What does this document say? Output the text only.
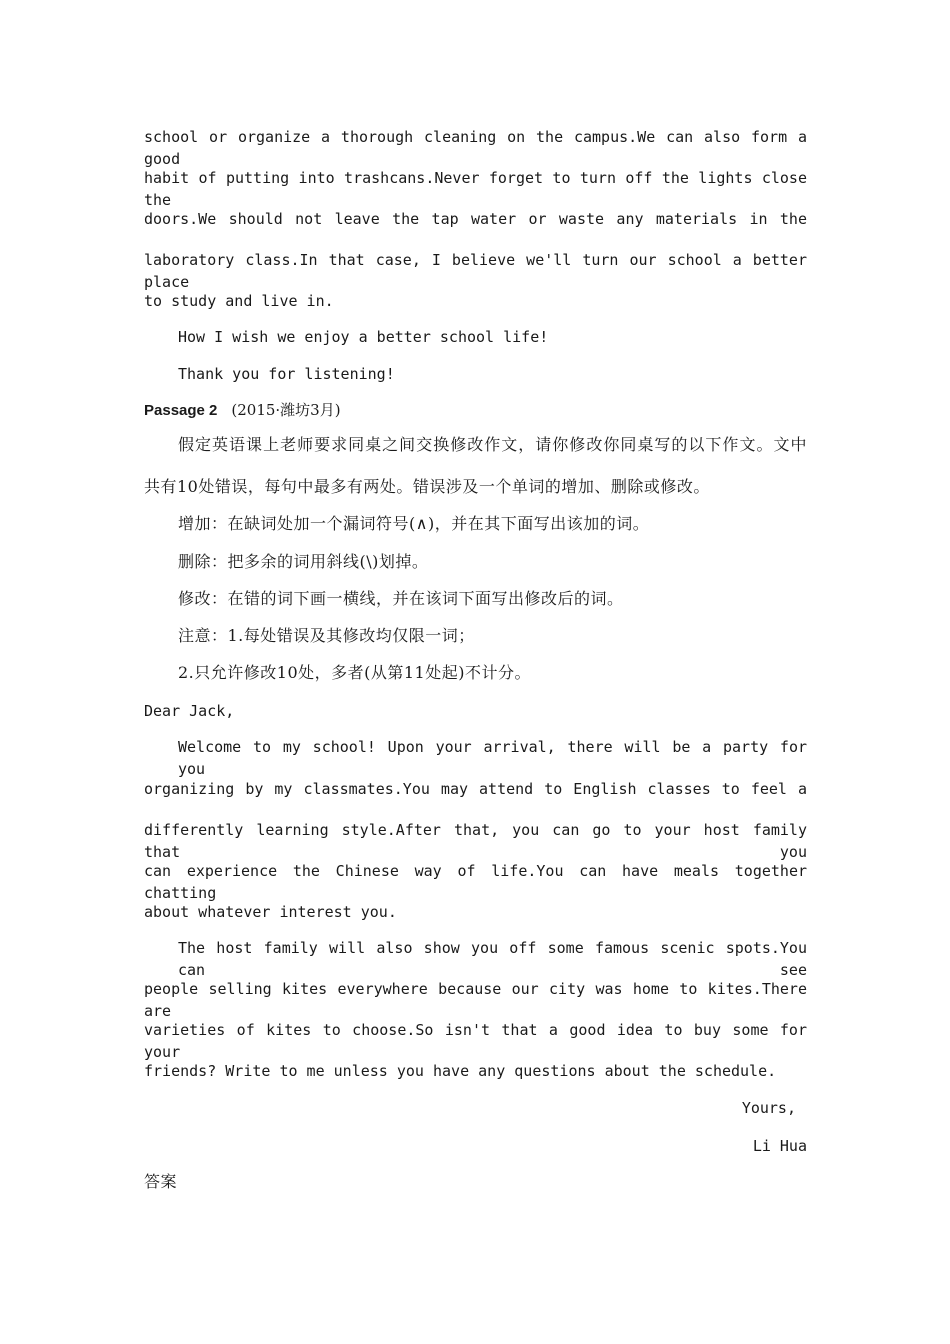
school or organize a thorough cleaning on the campus.We can also form a good
habit of putting into trashcans.Never forget to turn off the lights close the
doors.We should not leave the tap water or waste any materials in the
laboratory class.In that case, I believe we'll turn our school a better place
to study and live in.
How I wish we enjoy a better school life!
Thank you for listening!
Passage 2 (2015·潍坊3月)
假定英语课上老师要求同桌之间交换修改作文，请你修改你同桌写的以下作文。文中
共有10处错误，每句中最多有两处。错误涉及一个单词的增加、删除或修改。
增加：在缺词处加一个漏词符号(∧)，并在其下面写出该加的词。
删除：把多余的词用斜线(\)划掉。
修改：在错的词下画一横线，并在该词下面写出修改后的词。
注意：1.每处错误及其修改均仅限一词；
2.只允许修改10处，多者(从第11处起)不计分。
Dear Jack,
Welcome to my school! Upon your arrival, there will be a party for you
organizing by my classmates.You may attend to English classes to feel a
differently learning style.After that, you can go to your host family that you
can experience the Chinese way of life.You can have meals together chatting
about whatever interest you.
The host family will also show you off some famous scenic spots.You can see
people selling kites everywhere because our city was home to kites.There are
varieties of kites to choose.So isn't that a good idea to buy some for your
friends? Write to me unless you have any questions about the schedule.
Yours,
Li Hua
答案
